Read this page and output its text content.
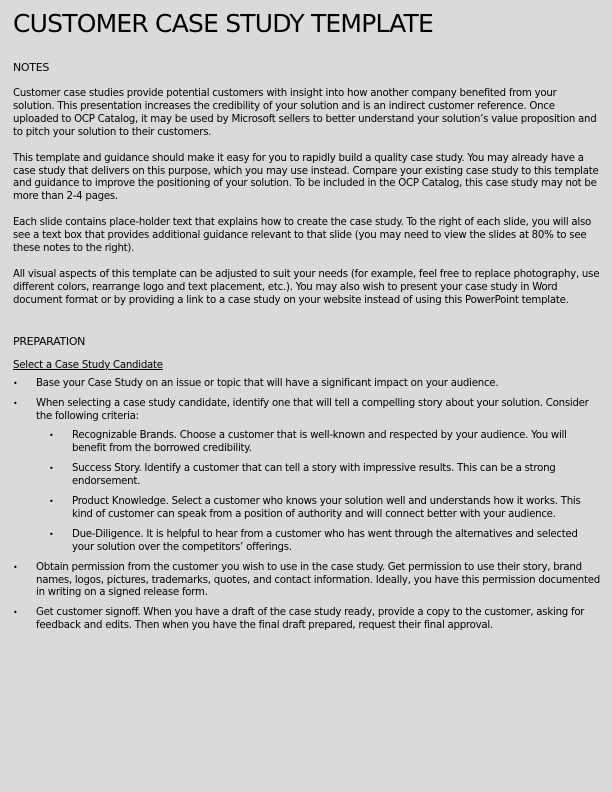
CUSTOMER CASE STUDY TEMPLATE
NOTES

Customer case studies provide potential customers with insight into how another company benefited from your solution. This presentation increases the credibility of your solution and is an indirect customer reference. Once uploaded to OCP Catalog, it may be used by Microsoft sellers to better understand your solution’s value proposition and to pitch your solution to their customers.

This template and guidance should make it easy for you to rapidly build a quality case study. You may already have a case study that delivers on this purpose, which you may use instead. Compare your existing case study to this template and guidance to improve the positioning of your solution. To be included in the OCP Catalog, this case study may not be more than 2-4 pages.

Each slide contains place-holder text that explains how to create the case study. To the right of each slide, you will also see a text box that provides additional guidance relevant to that slide (you may need to view the slides at 80% to see these notes to the right).

All visual aspects of this template can be adjusted to suit your needs (for example, feel free to replace photography, use different colors, rearrange logo and text placement, etc.). You may also wish to present your case study in Word document format or by providing a link to a case study on your website instead of using this PowerPoint template.

PREPARATION
Select a Case Study Candidate
• Base your Case Study on an issue or topic that will have a significant impact on your audience.
• When selecting a case study candidate, identify one that will tell a compelling story about your solution. Consider the following criteria:
• Recognizable Brands. Choose a customer that is well-known and respected by your audience. You will benefit from the borrowed credibility.
• Success Story. Identify a customer that can tell a story with impressive results. This can be a strong endorsement.
• Product Knowledge. Select a customer who knows your solution well and understands how it works. This kind of customer can speak from a position of authority and will connect better with your audience.
• Due-Diligence. It is helpful to hear from a customer who has went through the alternatives and selected your solution over the competitors’ offerings.
• Obtain permission from the customer you wish to use in the case study. Get permission to use their story, brand names, logos, pictures, trademarks, quotes, and contact information. Ideally, you have this permission documented in writing on a signed release form.
• Get customer signoff. When you have a draft of the case study ready, provide a copy to the customer, asking for feedback and edits. Then when you have the final draft prepared, request their final approval.
